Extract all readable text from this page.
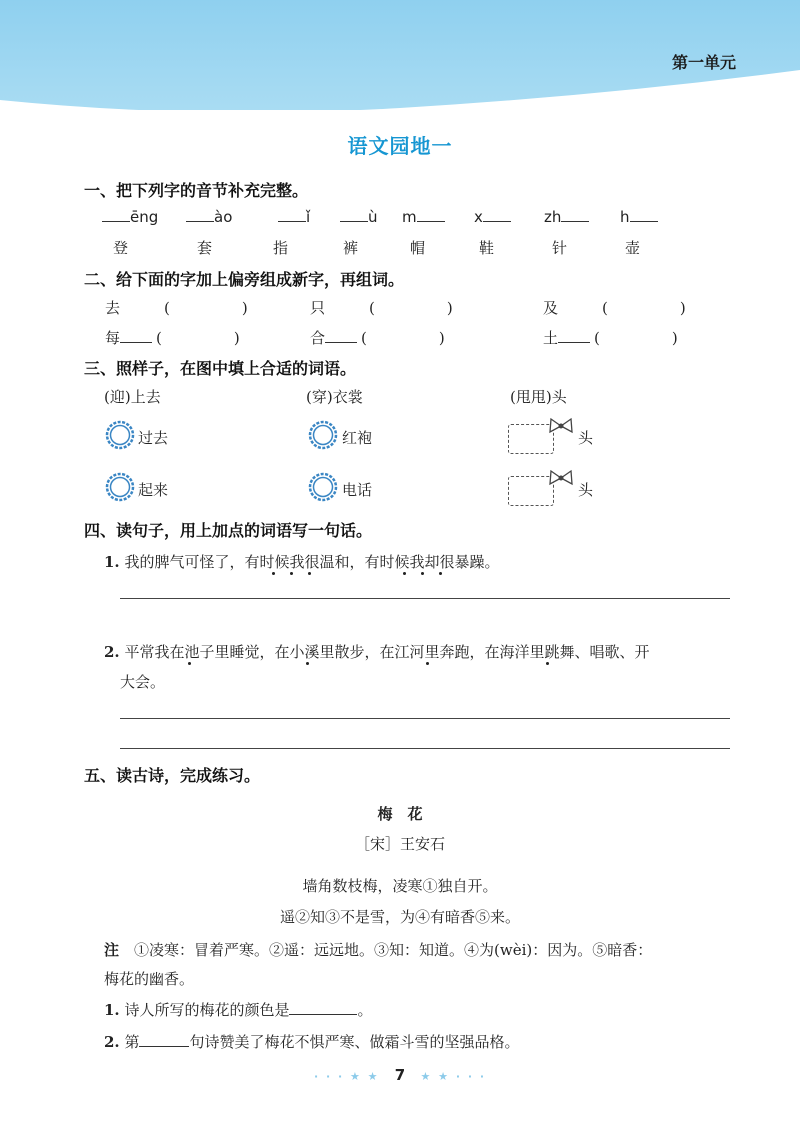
第一单元
语文园地一
一、把下列字的音节补充完整。
ēng	ào	ǐ	ù m	x	zh	h
登	套	指	裤	帽	鞋	针	壶
二、给下面的字加上偏旁组成新字，再组词。
去	(	)	只	(	)	及	(	)
每 (	)	合 (	)	土 (	)
三、照样子，在图中填上合适的词语。
(迎)上去	(穿)衣裳	(甩甩)头
过去	红袍	头
起来	电话	头
四、读句子，用上加点的词语写一句话。
1. 我的脾气可怪了，有时候我很温和，有时候我却很暴躁。
2. 平常我在池子里睡觉，在小溪里散步，在江河里奔跑，在海洋里跳舞、唱歌、开
大会。
五、读古诗，完成练习。
梅　花
［宋］王安石
墙角数枝梅，凌寒①独自开。
遥②知③不是雪，为④有暗香⑤来。
注　 ①凌寒：冒着严寒。②遥：远远地。③知：知道。④为(wèi)：因为。⑤暗香：
梅花的幽香。
1. 诗人所写的梅花的颜色是	。
2. 第	句诗赞美了梅花不惧严寒、做霜斗雪的坚强品格。
· · · ★ ★ 7 ★ ★ · · ·
